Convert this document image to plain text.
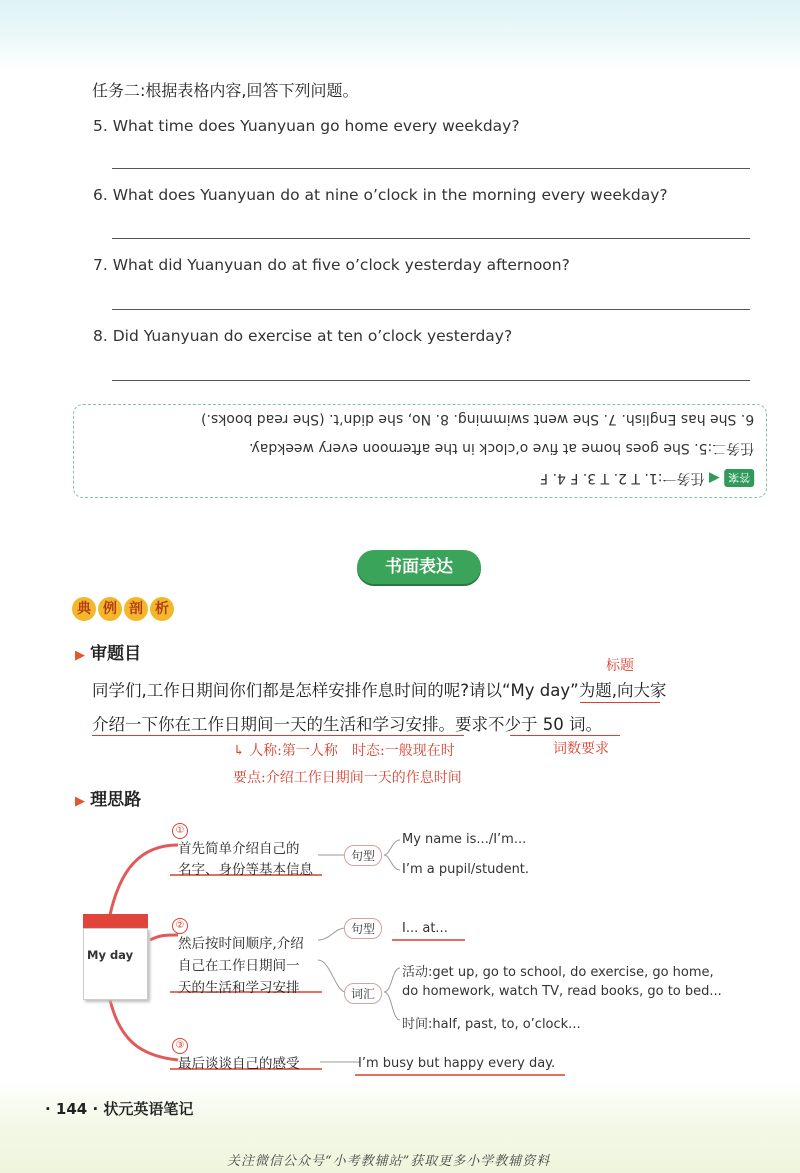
任务二:根据表格内容,回答下列问题。
5. What time does Yuanyuan go home every weekday?
6. What does Yuanyuan do at nine o’clock in the morning every weekday?
7. What did Yuanyuan do at five o’clock yesterday afternoon?
8. Did Yuanyuan do exercise at ten o’clock yesterday?
答案 ◀ 任务一:1. T 2. T 3. F 4. F
任务二:5. She goes home at five o’clock in the afternoon every weekday.
6. She has English. 7. She went swimming. 8. No, she didn’t. (She read books.)
书面表达
典 例 剖 析
▶ 审题目
标题
同学们,工作日期间你们都是怎样安排作息时间的呢?请以“My day”为题,向大家
介绍一下你在工作日期间一天的生活和学习安排。要求不少于 50 词。
↳ 人称:第一人称 时态:一般现在时	词数要求
要点:介绍工作日期间一天的作息时间
▶ 理思路
My day
①
首先简单介绍自己的
名字、身份等基本信息
②
然后按时间顺序,介绍
自己在工作日期间一
天的生活和学习安排
③
最后谈谈自己的感受
句型
句型
词汇
My name is.../I’m...
I’m a pupil/student.
I... at...
活动:get up, go to school, do exercise, go home,
do homework, watch TV, read books, go to bed...
时间:half, past, to, o’clock...
I’m busy but happy every day.
· 144 · 状元英语笔记
关注微信公众号“小考教辅站”获取更多小学教辅资料
